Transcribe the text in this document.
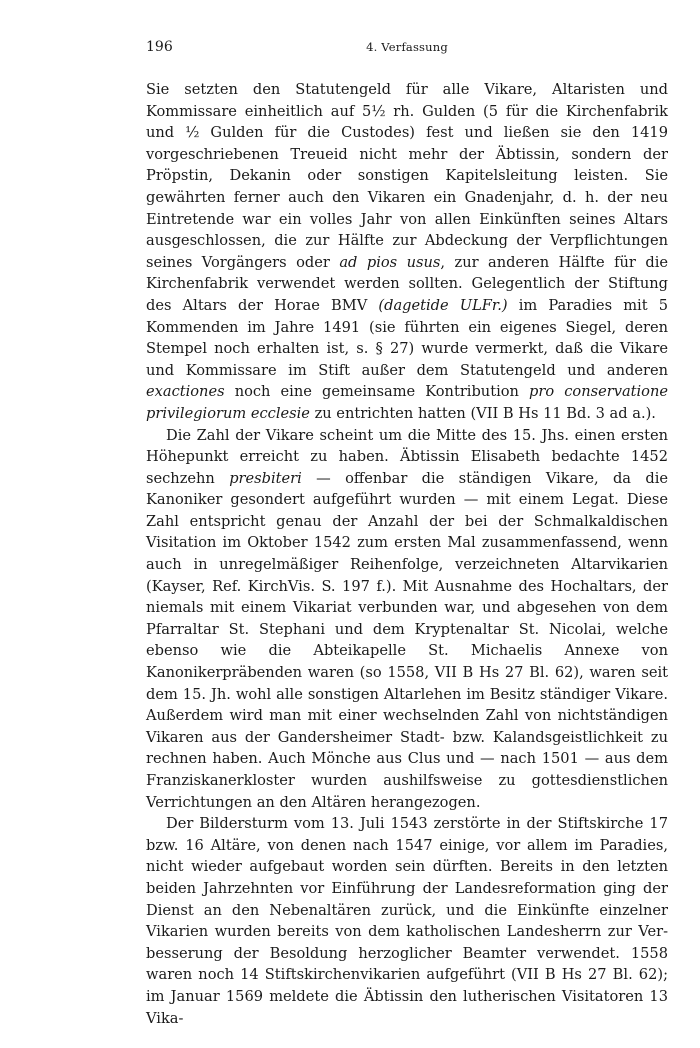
196	4. Verfassung

Sie setzten den Statutengeld für alle Vikare, Altaristen und Kommissare einheitlich auf 5½ rh. Gulden (5 für die Kirchenfabrik und ½ Gulden für die Custodes) fest und ließen sie den 1419 vorgeschriebenen Treueid nicht mehr der Äbtissin, sondern der Pröpstin, Dekanin oder sonstigen Kapitelsleitung leisten. Sie gewährten ferner auch den Vikaren ein Gnadenjahr, d. h. der neu Eintretende war ein volles Jahr von allen Einkünften seines Altars ausgeschlossen, die zur Hälfte zur Abdeckung der Verpflichtungen seines Vorgängers oder ad pios usus, zur anderen Hälfte für die Kirchenfabrik verwendet werden sollten. Gelegentlich der Stiftung des Altars der Horae BMV (dagetide ULFr.) im Paradies mit 5 Kommenden im Jahre 1491 (sie führten ein eigenes Siegel, deren Stempel noch erhalten ist, s. § 27) wurde vermerkt, daß die Vikare und Kommissare im Stift außer dem Statutengeld und anderen exactiones noch eine gemeinsame Kontribution pro conservatione privilegiorum ecclesie zu entrichten hatten (VII B Hs 11 Bd. 3 ad a.).

Die Zahl der Vikare scheint um die Mitte des 15. Jhs. einen ersten Höhepunkt erreicht zu haben. Äbtissin Elisabeth bedachte 1452 sechzehn presbiteri — offenbar die ständigen Vikare, da die Kanoniker gesondert aufgeführt wurden — mit einem Legat. Diese Zahl entspricht genau der Anzahl der bei der Schmalkaldischen Visitation im Oktober 1542 zum ersten Mal zusammenfassend, wenn auch in unregelmäßiger Reihenfolge, verzeichneten Altarvikarien (Kayser, Ref. KirchVis. S. 197 f.). Mit Ausnahme des Hochaltars, der niemals mit einem Vikariat verbunden war, und abgesehen von dem Pfarraltar St. Stephani und dem Kryptenaltar St. Nicolai, welche ebenso wie die Abteikapelle St. Michaelis Annexe von Kanonikerpräbenden waren (so 1558, VII B Hs 27 Bl. 62), waren seit dem 15. Jh. wohl alle sonstigen Altarlehen im Besitz ständiger Vikare. Außerdem wird man mit einer wechselnden Zahl von nichtständigen Vikaren aus der Gandersheimer Stadt- bzw. Kalandsgeistlichkeit zu rechnen haben. Auch Mönche aus Clus und — nach 1501 — aus dem Franziskanerkloster wurden aushilfsweise zu gottesdienstlichen Verrichtungen an den Altären herangezogen.

Der Bildersturm vom 13. Juli 1543 zerstörte in der Stiftskirche 17 bzw. 16 Altäre, von denen nach 1547 einige, vor allem im Paradies, nicht wieder aufgebaut worden sein dürften. Bereits in den letzten beiden Jahrzehnten vor Einführung der Landesreformation ging der Dienst an den Nebenaltären zurück, und die Einkünfte einzelner Vikarien wurden bereits von dem katholischen Landesherrn zur Verbesserung der Besoldung herzoglicher Beamter verwendet. 1558 waren noch 14 Stiftskirchenvikarien aufgeführt (VII B Hs 27 Bl. 62); im Januar 1569 meldete die Äbtissin den lutherischen Visitatoren 13 Vika-
